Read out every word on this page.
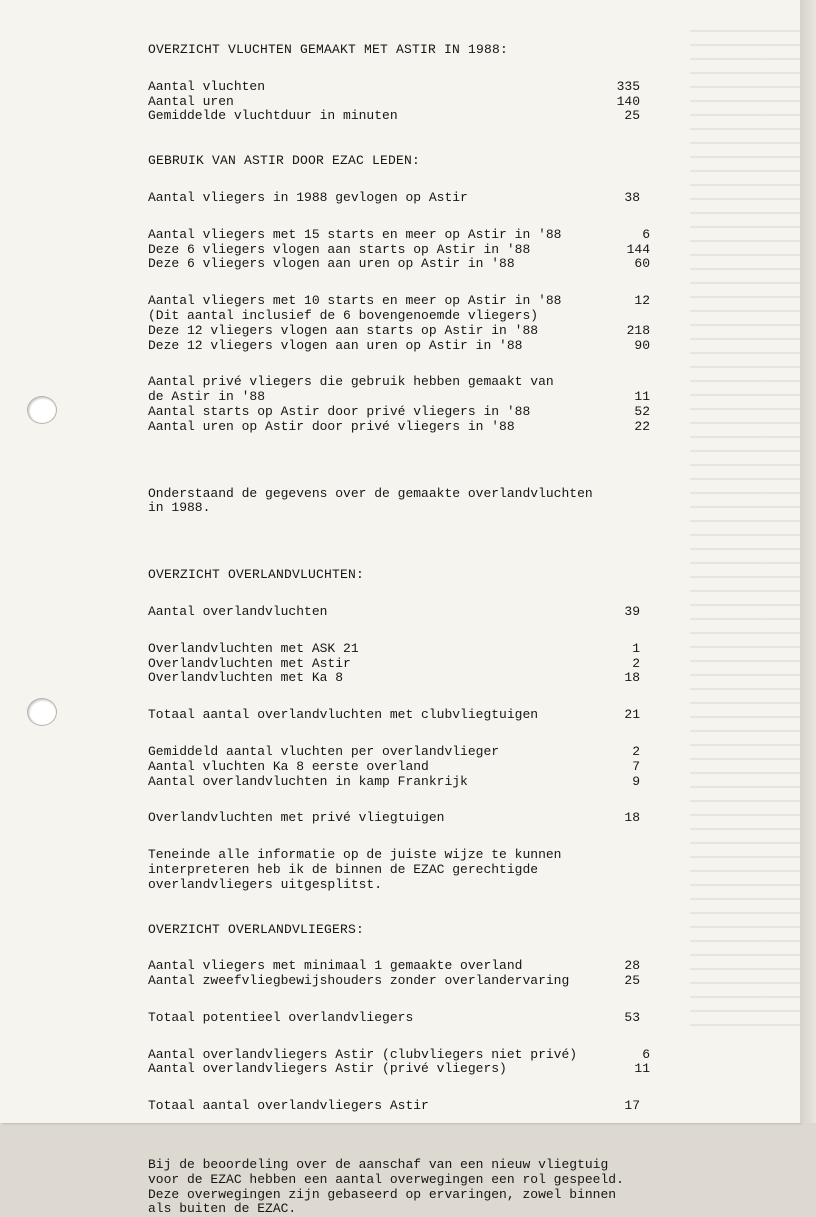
OVERZICHT VLUCHTEN GEMAAKT MET ASTIR IN 1988:
Aantal vluchten	335
Aantal uren	140
Gemiddelde vluchtduur in minuten	25
GEBRUIK VAN ASTIR DOOR EZAC LEDEN:
Aantal vliegers in 1988 gevlogen op Astir	38
Aantal vliegers met 15 starts en meer op Astir in '88	6
Deze 6 vliegers vlogen aan starts op Astir in '88	144
Deze 6 vliegers vlogen aan uren op Astir in '88	60
Aantal vliegers met 10 starts en meer op Astir in '88	12
(Dit aantal inclusief de 6 bovengenoemde vliegers)
Deze 12 vliegers vlogen aan starts op Astir in '88	218
Deze 12 vliegers vlogen aan uren op Astir in '88	90
Aantal privé vliegers die gebruik hebben gemaakt van
de Astir in '88	11
Aantal starts op Astir door privé vliegers in '88	52
Aantal uren op Astir door privé vliegers in '88	22
Onderstaand de gegevens over de gemaakte overlandvluchten
in 1988.
OVERZICHT OVERLANDVLUCHTEN:
Aantal overlandvluchten	39
Overlandvluchten met ASK 21	1
Overlandvluchten met Astir	2
Overlandvluchten met Ka 8	18
Totaal aantal overlandvluchten met clubvliegtuigen	21
Gemiddeld aantal vluchten per overlandvlieger	2
Aantal vluchten Ka 8 eerste overland	7
Aantal overlandvluchten in kamp Frankrijk	9
Overlandvluchten met privé vliegtuigen	18
Teneinde alle informatie op de juiste wijze te kunnen
interpreteren heb ik de binnen de EZAC gerechtigde
overlandvliegers uitgesplitst.
OVERZICHT OVERLANDVLIEGERS:
Aantal vliegers met minimaal 1 gemaakte overland	28
Aantal zweefvliegbewijshouders zonder overlandervaring	25
Totaal potentieel overlandvliegers	53
Aantal overlandvliegers Astir (clubvliegers niet privé)	6
Aantal overlandvliegers Astir (privé vliegers)	11
Totaal aantal overlandvliegers Astir	17
Bij de beoordeling over de aanschaf van een nieuw vliegtuig
voor de EZAC hebben een aantal overwegingen een rol gespeeld.
Deze overwegingen zijn gebaseerd op ervaringen, zowel binnen
als buiten de EZAC.
